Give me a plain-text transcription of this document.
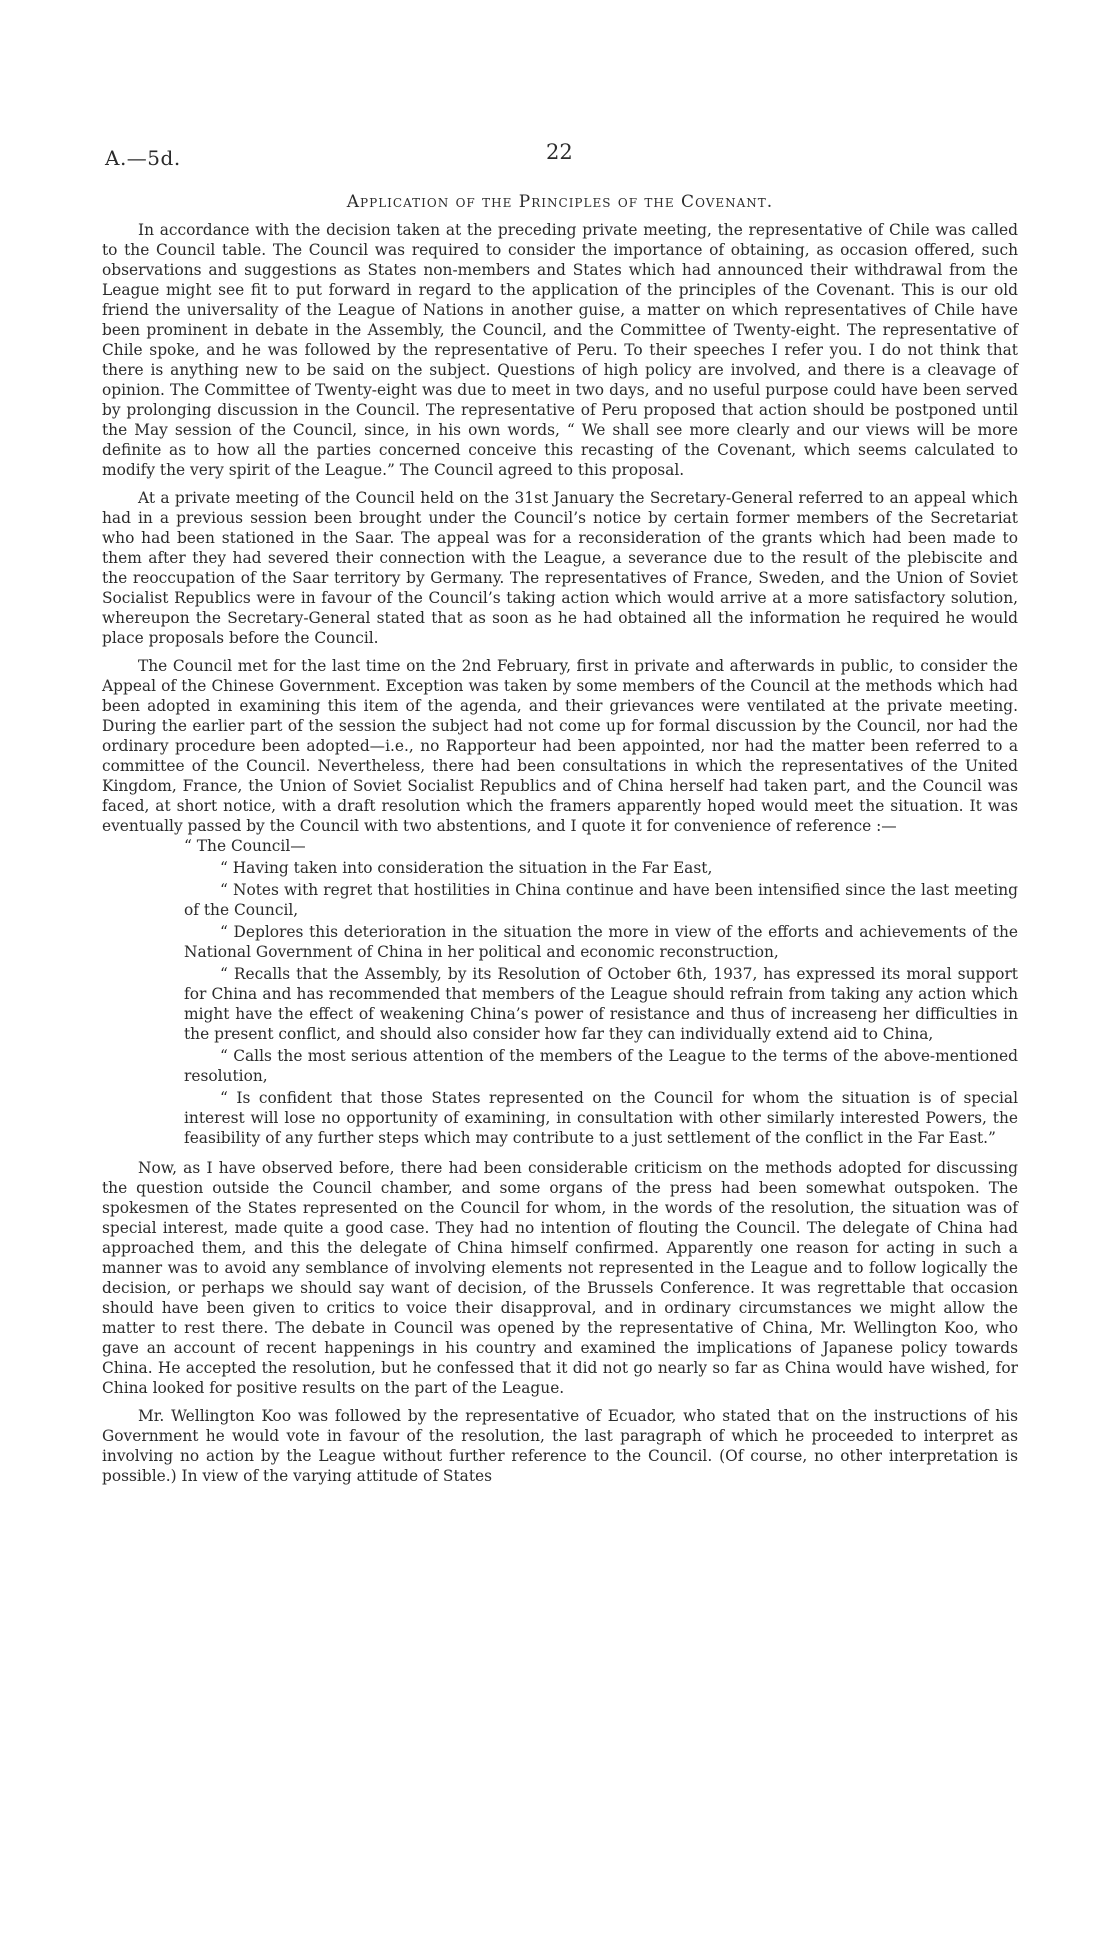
A.—5d.	22
Application of the Principles of the Covenant.

In accordance with the decision taken at the preceding private meeting, the representative of Chile was called to the Council table. The Council was required to consider the importance of obtaining, as occasion offered, such observations and suggestions as States non-members and States which had announced their withdrawal from the League might see fit to put forward in regard to the application of the principles of the Covenant. This is our old friend the universality of the League of Nations in another guise, a matter on which representatives of Chile have been prominent in debate in the Assembly, the Council, and the Committee of Twenty-eight. The representative of Chile spoke, and he was followed by the representative of Peru. To their speeches I refer you. I do not think that there is anything new to be said on the subject. Questions of high policy are involved, and there is a cleavage of opinion. The Committee of Twenty-eight was due to meet in two days, and no useful purpose could have been served by prolonging discussion in the Council. The representative of Peru proposed that action should be postponed until the May session of the Council, since, in his own words, “ We shall see more clearly and our views will be more definite as to how all the parties concerned conceive this recasting of the Covenant, which seems calculated to modify the very spirit of the League.” The Council agreed to this proposal.

At a private meeting of the Council held on the 31st January the Secretary-General referred to an appeal which had in a previous session been brought under the Council’s notice by certain former members of the Secretariat who had been stationed in the Saar. The appeal was for a reconsideration of the grants which had been made to them after they had severed their connection with the League, a severance due to the result of the plebiscite and the reoccupation of the Saar territory by Germany. The representatives of France, Sweden, and the Union of Soviet Socialist Republics were in favour of the Council’s taking action which would arrive at a more satisfactory solution, whereupon the Secretary-General stated that as soon as he had obtained all the information he required he would place proposals before the Council.

The Council met for the last time on the 2nd February, first in private and afterwards in public, to consider the Appeal of the Chinese Government. Exception was taken by some members of the Council at the methods which had been adopted in examining this item of the agenda, and their grievances were ventilated at the private meeting. During the earlier part of the session the subject had not come up for formal discussion by the Council, nor had the ordinary procedure been adopted—i.e., no Rapporteur had been appointed, nor had the matter been referred to a committee of the Council. Nevertheless, there had been consultations in which the representatives of the United Kingdom, France, the Union of Soviet Socialist Republics and of China herself had taken part, and the Council was faced, at short notice, with a draft resolution which the framers apparently hoped would meet the situation. It was eventually passed by the Council with two abstentions, and I quote it for convenience of reference :—

“ The Council—

“ Having taken into consideration the situation in the Far East,

“ Notes with regret that hostilities in China continue and have been intensified since the last meeting of the Council,

“ Deplores this deterioration in the situation the more in view of the efforts and achievements of the National Government of China in her political and economic reconstruction,

“ Recalls that the Assembly, by its Resolution of October 6th, 1937, has expressed its moral support for China and has recommended that members of the League should refrain from taking any action which might have the effect of weakening China’s power of resistance and thus of increaseng her difficulties in the present conflict, and should also consider how far they can individually extend aid to China,

“ Calls the most serious attention of the members of the League to the terms of the above-mentioned resolution,

“ Is confident that those States represented on the Council for whom the situation is of special interest will lose no opportunity of examining, in consultation with other similarly interested Powers, the feasibility of any further steps which may contribute to a just settlement of the conflict in the Far East.”

Now, as I have observed before, there had been considerable criticism on the methods adopted for discussing the question outside the Council chamber, and some organs of the press had been somewhat outspoken. The spokesmen of the States represented on the Council for whom, in the words of the resolution, the situation was of special interest, made quite a good case. They had no intention of flouting the Council. The delegate of China had approached them, and this the delegate of China himself confirmed. Apparently one reason for acting in such a manner was to avoid any semblance of involving elements not represented in the League and to follow logically the decision, or perhaps we should say want of decision, of the Brussels Conference. It was regrettable that occasion should have been given to critics to voice their disapproval, and in ordinary circumstances we might allow the matter to rest there. The debate in Council was opened by the representative of China, Mr. Wellington Koo, who gave an account of recent happenings in his country and examined the implications of Japanese policy towards China. He accepted the resolution, but he confessed that it did not go nearly so far as China would have wished, for China looked for positive results on the part of the League.

Mr. Wellington Koo was followed by the representative of Ecuador, who stated that on the instructions of his Government he would vote in favour of the resolution, the last paragraph of which he proceeded to interpret as involving no action by the League without further reference to the Council. (Of course, no other interpretation is possible.) In view of the varying attitude of States
